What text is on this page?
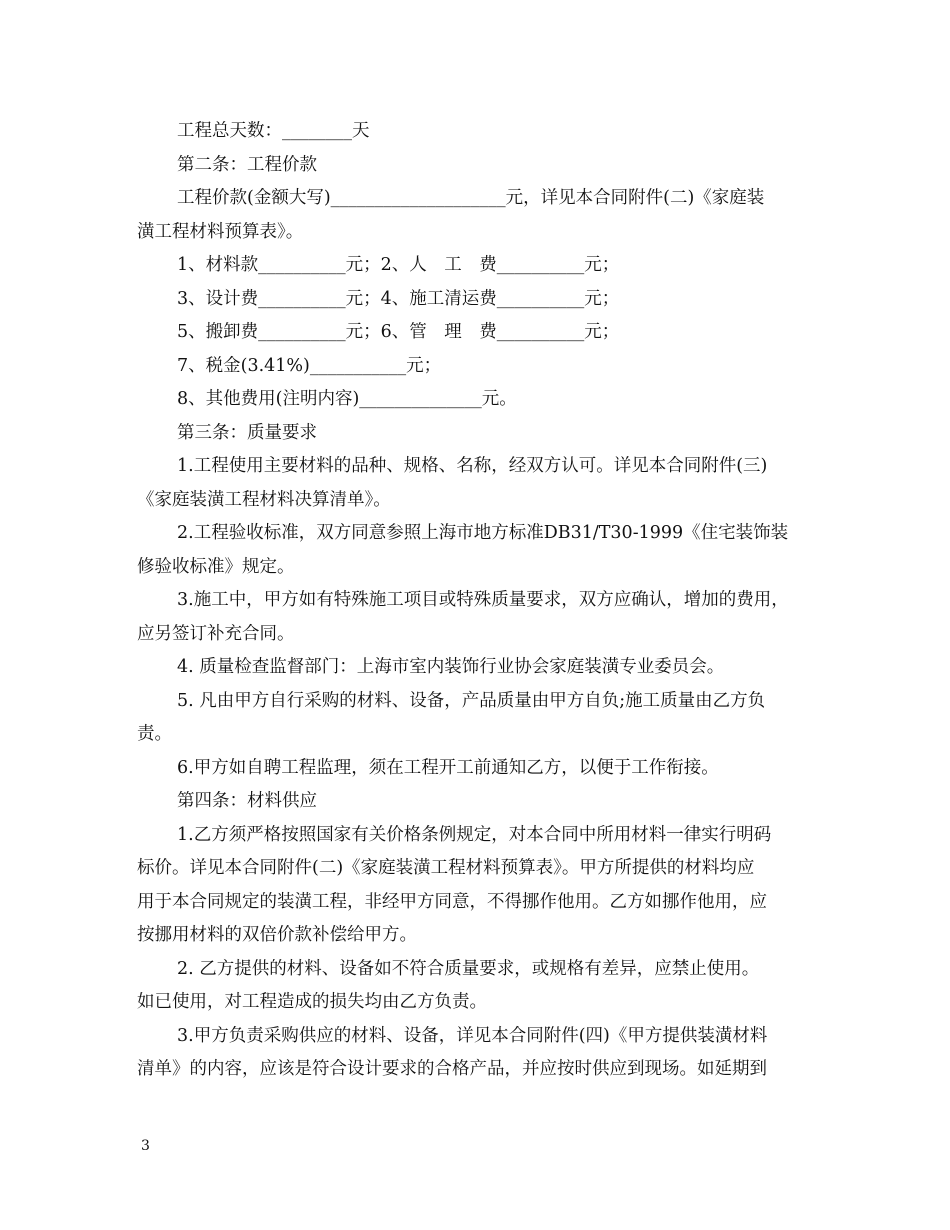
工程总天数：________天
第二条：工程价款
工程价款(金额大写)____________________元，详见本合同附件(二)《家庭装
潢工程材料预算表》。
1、材料款__________元；2、人　工　费__________元；
3、设计费__________元；4、施工清运费__________元；
5、搬卸费__________元；6、管　理　费__________元；
7、税金(3.41%)___________元；
8、其他费用(注明内容)______________元。
第三条：质量要求
1.工程使用主要材料的品种、规格、名称，经双方认可。详见本合同附件(三)
《家庭装潢工程材料决算清单》。
2.工程验收标准，双方同意参照上海市地方标准DB31/T30-1999《住宅装饰装
修验收标准》规定。
3.施工中，甲方如有特殊施工项目或特殊质量要求，双方应确认，增加的费用，
应另签订补充合同。
4. 质量检查监督部门：上海市室内装饰行业协会家庭装潢专业委员会。
5. 凡由甲方自行采购的材料、设备，产品质量由甲方自负;施工质量由乙方负
责。
6.甲方如自聘工程监理，须在工程开工前通知乙方，以便于工作衔接。
第四条：材料供应
1.乙方须严格按照国家有关价格条例规定，对本合同中所用材料一律实行明码
标价。详见本合同附件(二)《家庭装潢工程材料预算表》。甲方所提供的材料均应
用于本合同规定的装潢工程，非经甲方同意，不得挪作他用。乙方如挪作他用，应
按挪用材料的双倍价款补偿给甲方。
2. 乙方提供的材料、设备如不符合质量要求，或规格有差异，应禁止使用。
如已使用，对工程造成的损失均由乙方负责。
3.甲方负责采购供应的材料、设备，详见本合同附件(四)《甲方提供装潢材料
清单》的内容，应该是符合设计要求的合格产品，并应按时供应到现场。如延期到
3
